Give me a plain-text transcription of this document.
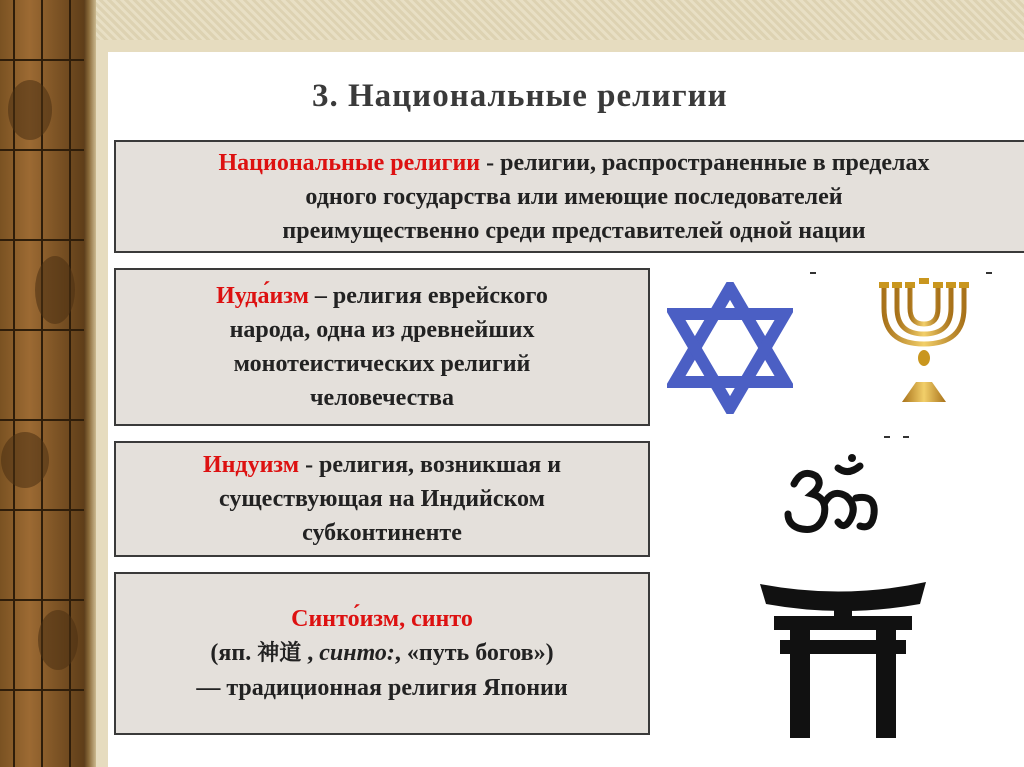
3. Национальные религии
Национальные религии - религии, распространенные в пределах
одного государства или имеющие последователей
преимущественно среди представителей одной нации
Иуда́изм – религия еврейского
народа, одна из древнейших
монотеистических религий
человечества
Индуизм - религия, возникшая и
существующая на Индийском
субконтиненте
Синто́изм, синто
(яп. 神道 , синто:, «путь богов»)
— традиционная религия Японии
